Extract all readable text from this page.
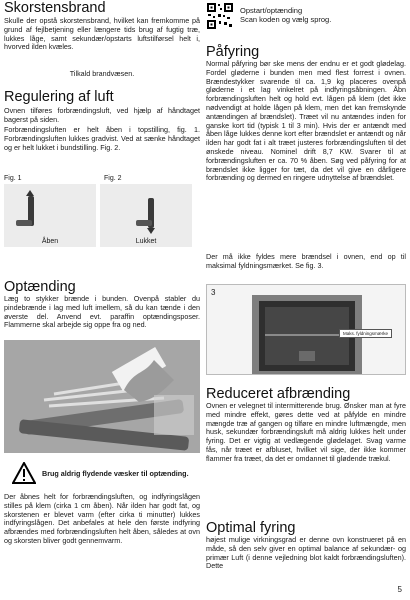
Skorstensbrand

Skulle der opstå skorstensbrand, hvilket kan fremkomme på grund af fejlbetjening eller længere tids brug af fugtig træ, lukkes låge, samt sekundær/opstarts luftstilførsel helt i, hvorved ilden kvæles.

Tilkald brandvæsen.

Regulering af luft

Ovnen tilføres forbrændingsluft, ved hjælp af håndtaget bagerst på siden.

Forbrændingsluften er helt åben i topstilling, fig. 1. Forbrændingsluften lukkes gradvist. Ved at sænke håndtaget og er helt lukket i bundstilling. Fig. 2.

Fig. 1	Fig. 2
Åben	Lukket
Optænding

Læg to stykker brænde i bunden. Ovenpå stabler du pindebrænde i lag med luft imellem, så du kan tænde i den øverste del. Anvend evt. paraffin optændingsposer. Flammerne skal arbejde sig oppe fra og ned.

Brug aldrig flydende væsker til optænding.

Der åbnes helt for forbrændingsluften, og indfyringslågen stilles på klem (cirka 1 cm åben). Når ilden har godt fat, og skorstenen er blevet varm (efter cirka ti minutter) lukkes indfyringslågen. Det anbefales at hele den første indfyring afbrændes med forbrændingsluften helt åben, således at ovn og skorsten bliver godt gennemvarm.

Opstart/optænding
Scan koden og vælg sprog.
Påfyring

Normal påfyring bør ske mens der endnu er et godt glødelag. Fordel gløderne i bunden men med flest forrest i ovnen. Brændestykker svarende til ca. 1,9 kg placeres ovenpå gløderne i et lag vinkelret på indfyringsåbningen. Åbn forbrændingsluften helt og hold evt. lågen på klem (det ikke nødvendigt at holde lågen på klem, men det kan fremskynde antændingen af brændslet). Træet vil nu antændes inden for ganske kort tid (typisk 1 til 3 min). Hvis der er antændt med åben låge lukkes denne kort efter brændslet er antændt og når ilden har godt fat i alt træet justeres forbrændingsluften til det ønskede niveau. Nominel drift 8,7 KW. Svarer til at forbrændingsluften er ca. 70 % åben. Søg ved påfyring for at brændslet ikke ligger for tæt, da det vil give en dårligere forbrænding og dermed en ringere udnyttelse af brændslet.

Der må ikke fyldes mere brændsel i ovnen, end op til maksimal fyldningsmærket. Se fig. 3.

3
Maks. fyldningsmærke
Reduceret afbrænding

Ovnen er velegnet til intermitterende brug. Ønsker man at fyre med mindre effekt, gøres dette ved at påfylde en mindre mængde træ af gangen og tilføre en mindre luftmængde, men husk, sekundær forbrændingsluft må aldrig lukkes helt under fyring. Det er vigtig at vedlægende glødelaget. Svag varme fås, når træet er afbluset, hvilket vil sige, der ikke kommer flammer fra træet, da det er omdannet til glødende trækul.

Optimal fyring

højest mulige virkningsgrad er denne ovn konstrueret på en måde, så den selv giver en optimal balance af sekundær- og primær Luft (i denne vejledning blot kaldt forbrændingsluften). Dette

5
